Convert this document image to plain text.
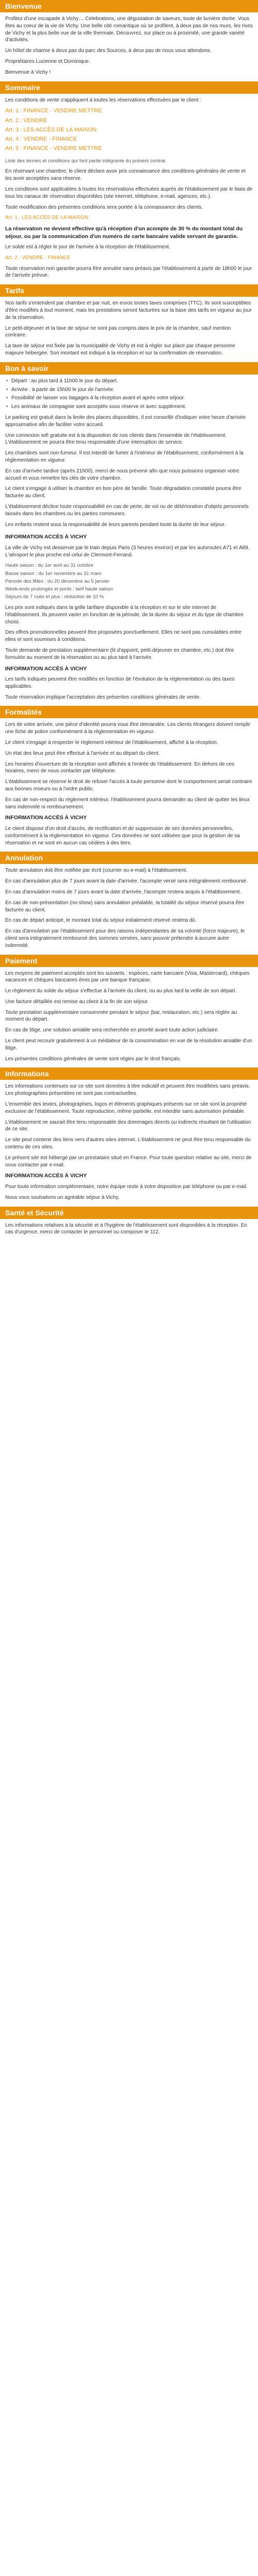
Bienvenue

Profitez d'une escapade à Vichy… Celebrations, une dégustation de saveurs, toute de lumière dorée. Vous êtes au coeur de la vie de Vichy. Une belle cité romantique où se profilent, à deux pas de nos murs, les rives de Vichy et la plus belle vue de la ville thermale. Découvrez, sur place ou à proximité, une grande variété d'activités.

Un hôtel de charme à deux pas du parc des Sources, à deux pas de nous vous attendons.

Propriétaires Lucienne et Dominique.

Bienvenue à Vichy !

Sommaire

Les conditions de vente s'appliquent à toutes les réservations effectuées par le client :

Art. 1 : FINANCE - VENDRE METTRE
Art. 2 : VENDRE
Art. 3 : LES ACCÈS DE LA MAISON
Art. 4 : VENDRE - FINANCE
Art. 5 : FINANCE - VENDRE METTRE

Liste des termes et conditions qui font partie intégrante du présent contrat.

En réservant une chambre, le client déclare avoir pris connaissance des conditions générales de vente et les avoir acceptées sans réserve.

Les conditions sont applicables à toutes les réservations effectuées auprès de l'établissement par le biais de tous les canaux de réservation disponibles (site internet, téléphone, e-mail, agences, etc.).

Toute modification des présentes conditions sera portée à la connaissance des clients.

Art. 1 : LES ACCÈS DE LA MAISON

La réservation ne devient effective qu'à réception d'un acompte de 30 % du montant total du séjour, ou par la communication d'un numéro de carte bancaire valide servant de garantie.

Le solde est à régler le jour de l'arrivée à la réception de l'établissement.

Art. 2 : VENDRE - FINANCE

Toute réservation non garantie pourra être annulée sans préavis par l'établissement à partir de 18h00 le jour de l'arrivée prévue.

Tarifs

Nos tarifs s'entendent par chambre et par nuit, en euros toutes taxes comprises (TTC). Ils sont susceptibles d'être modifiés à tout moment, mais les prestations seront facturées sur la base des tarifs en vigueur au jour de la réservation.

Le petit-déjeuner et la taxe de séjour ne sont pas compris dans le prix de la chambre, sauf mention contraire.

La taxe de séjour est fixée par la municipalité de Vichy et est à régler sur place par chaque personne majeure hébergée. Son montant est indiqué à la réception et sur la confirmation de réservation.

Bon à savoir
• Départ : au plus tard à 11h00 le jour du départ.
• Arrivée : à partir de 15h00 le jour de l'arrivée.
• Possibilité de laisser vos bagages à la réception avant et après votre séjour.
• Les animaux de compagnie sont acceptés sous réserve et avec supplément.

Le parking est gratuit dans la limite des places disponibles. Il est conseillé d'indiquer votre heure d'arrivée approximative afin de faciliter votre accueil.

Une connexion wifi gratuite est à la disposition de nos clients dans l'ensemble de l'établissement. L'établissement ne pourra être tenu responsable d'une interruption de service.

Les chambres sont non-fumeur. Il est interdit de fumer à l'intérieur de l'établissement, conformément à la réglementation en vigueur.

En cas d'arrivée tardive (après 21h00), merci de nous prévenir afin que nous puissions organiser votre accueil et vous remettre les clés de votre chambre.

Le client s'engage à utiliser la chambre en bon père de famille. Toute dégradation constatée pourra être facturée au client.

L'établissement décline toute responsabilité en cas de perte, de vol ou de détérioration d'objets personnels laissés dans les chambres ou les parties communes.

Les enfants restent sous la responsabilité de leurs parents pendant toute la durée de leur séjour.

INFORMATION ACCÈS À VICHY

La ville de Vichy est desservie par le train depuis Paris (3 heures environ) et par les autoroutes A71 et A89. L'aéroport le plus proche est celui de Clermont-Ferrand.

Haute saison : du 1er avril au 31 octobre
Basse saison : du 1er novembre au 31 mars
Période des fêtes : du 20 décembre au 5 janvier
Week-ends prolongés et ponts : tarif haute saison
Séjours de 7 nuits et plus : réduction de 10 %

Les prix sont indiqués dans la grille tarifaire disponible à la réception et sur le site internet de l'établissement. Ils peuvent varier en fonction de la période, de la durée du séjour et du type de chambre choisi.

Des offres promotionnelles peuvent être proposées ponctuellement. Elles ne sont pas cumulables entre elles et sont soumises à conditions.

Toute demande de prestation supplémentaire (lit d'appoint, petit-déjeuner en chambre, etc.) doit être formulée au moment de la réservation ou au plus tard à l'arrivée.

INFORMATION ACCÈS À VICHY

Les tarifs indiqués peuvent être modifiés en fonction de l'évolution de la réglementation ou des taxes applicables.

Toute réservation implique l'acceptation des présentes conditions générales de vente.

Formalités

Lors de votre arrivée, une pièce d'identité pourra vous être demandée. Les clients étrangers doivent remplir une fiche de police conformément à la réglementation en vigueur.

Le client s'engage à respecter le règlement intérieur de l'établissement, affiché à la réception.

Un état des lieux peut être effectué à l'arrivée et au départ du client.

Les horaires d'ouverture de la réception sont affichés à l'entrée de l'établissement. En dehors de ces horaires, merci de nous contacter par téléphone.

L'établissement se réserve le droit de refuser l'accès à toute personne dont le comportement serait contraire aux bonnes moeurs ou à l'ordre public.

En cas de non-respect du règlement intérieur, l'établissement pourra demander au client de quitter les lieux sans indemnité ni remboursement.

INFORMATION ACCÈS À VICHY

Le client dispose d'un droit d'accès, de rectification et de suppression de ses données personnelles, conformément à la réglementation en vigueur. Ces données ne sont utilisées que pour la gestion de sa réservation et ne sont en aucun cas cédées à des tiers.

Annulation

Toute annulation doit être notifiée par écrit (courrier ou e-mail) à l'établissement.

En cas d'annulation plus de 7 jours avant la date d'arrivée, l'acompte versé sera intégralement remboursé.

En cas d'annulation moins de 7 jours avant la date d'arrivée, l'acompte restera acquis à l'établissement.

En cas de non-présentation (no-show) sans annulation préalable, la totalité du séjour réservé pourra être facturée au client.

En cas de départ anticipé, le montant total du séjour initialement réservé restera dû.

En cas d'annulation par l'établissement pour des raisons indépendantes de sa volonté (force majeure), le client sera intégralement remboursé des sommes versées, sans pouvoir prétendre à aucune autre indemnité.

Paiement

Les moyens de paiement acceptés sont les suivants : espèces, carte bancaire (Visa, Mastercard), chèques vacances et chèques bancaires émis par une banque française.

Le règlement du solde du séjour s'effectue à l'arrivée du client, ou au plus tard la veille de son départ.

Une facture détaillée est remise au client à la fin de son séjour.

Toute prestation supplémentaire consommée pendant le séjour (bar, restauration, etc.) sera réglée au moment du départ.

En cas de litige, une solution amiable sera recherchée en priorité avant toute action judiciaire.

Le client peut recourir gratuitement à un médiateur de la consommation en vue de la résolution amiable d'un litige.

Les présentes conditions générales de vente sont régies par le droit français.

Informations

Les informations contenues sur ce site sont données à titre indicatif et peuvent être modifiées sans préavis. Les photographies présentées ne sont pas contractuelles.

L'ensemble des textes, photographies, logos et éléments graphiques présents sur ce site sont la propriété exclusive de l'établissement. Toute reproduction, même partielle, est interdite sans autorisation préalable.

L'établissement ne saurait être tenu responsable des dommages directs ou indirects résultant de l'utilisation de ce site.

Le site peut contenir des liens vers d'autres sites internet. L'établissement ne peut être tenu responsable du contenu de ces sites.

Le présent site est hébergé par un prestataire situé en France. Pour toute question relative au site, merci de nous contacter par e-mail.

INFORMATION ACCÈS À VICHY

Pour toute information complémentaire, notre équipe reste à votre disposition par téléphone ou par e-mail.

Nous vous souhaitons un agréable séjour à Vichy.

Santé et Sécurité

Les informations relatives à la sécurité et à l'hygiène de l'établissement sont disponibles à la réception. En cas d'urgence, merci de contacter le personnel ou composer le 112.
